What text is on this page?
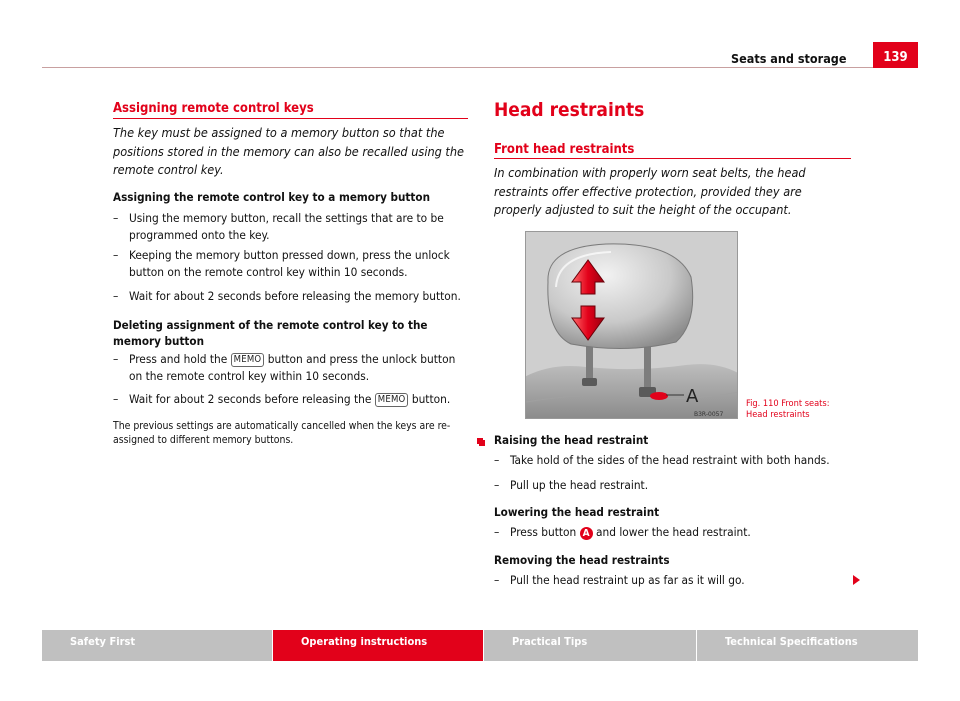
Seats and storage	139
Assigning remote control keys

The key must be assigned to a memory button so that the positions stored in the memory can also be recalled using the remote control key.

Assigning the remote control key to a memory button

– Using the memory button, recall the settings that are to be programmed onto the key.

– Keeping the memory button pressed down, press the unlock button on the remote control key within 10 seconds.

– Wait for about 2 seconds before releasing the memory button.

Deleting assignment of the remote control key to the memory button

– Press and hold the MEMO button and press the unlock button on the remote control key within 10 seconds.

– Wait for about 2 seconds before releasing the MEMO button.

The previous settings are automatically cancelled when the keys are re-assigned to different memory buttons.

Head restraints
Front head restraints

In combination with properly worn seat belts, the head restraints offer effective protection, provided they are properly adjusted to suit the height of the occupant.

A
B3R-0057
Fig. 110 Front seats:
Head restraints

Raising the head restraint

– Take hold of the sides of the head restraint with both hands.

– Pull up the head restraint.

Lowering the head restraint

– Press button A and lower the head restraint.

Removing the head restraints

– Pull the head restraint up as far as it will go.

Safety First	Operating instructions	Practical Tips	Technical Specifications
